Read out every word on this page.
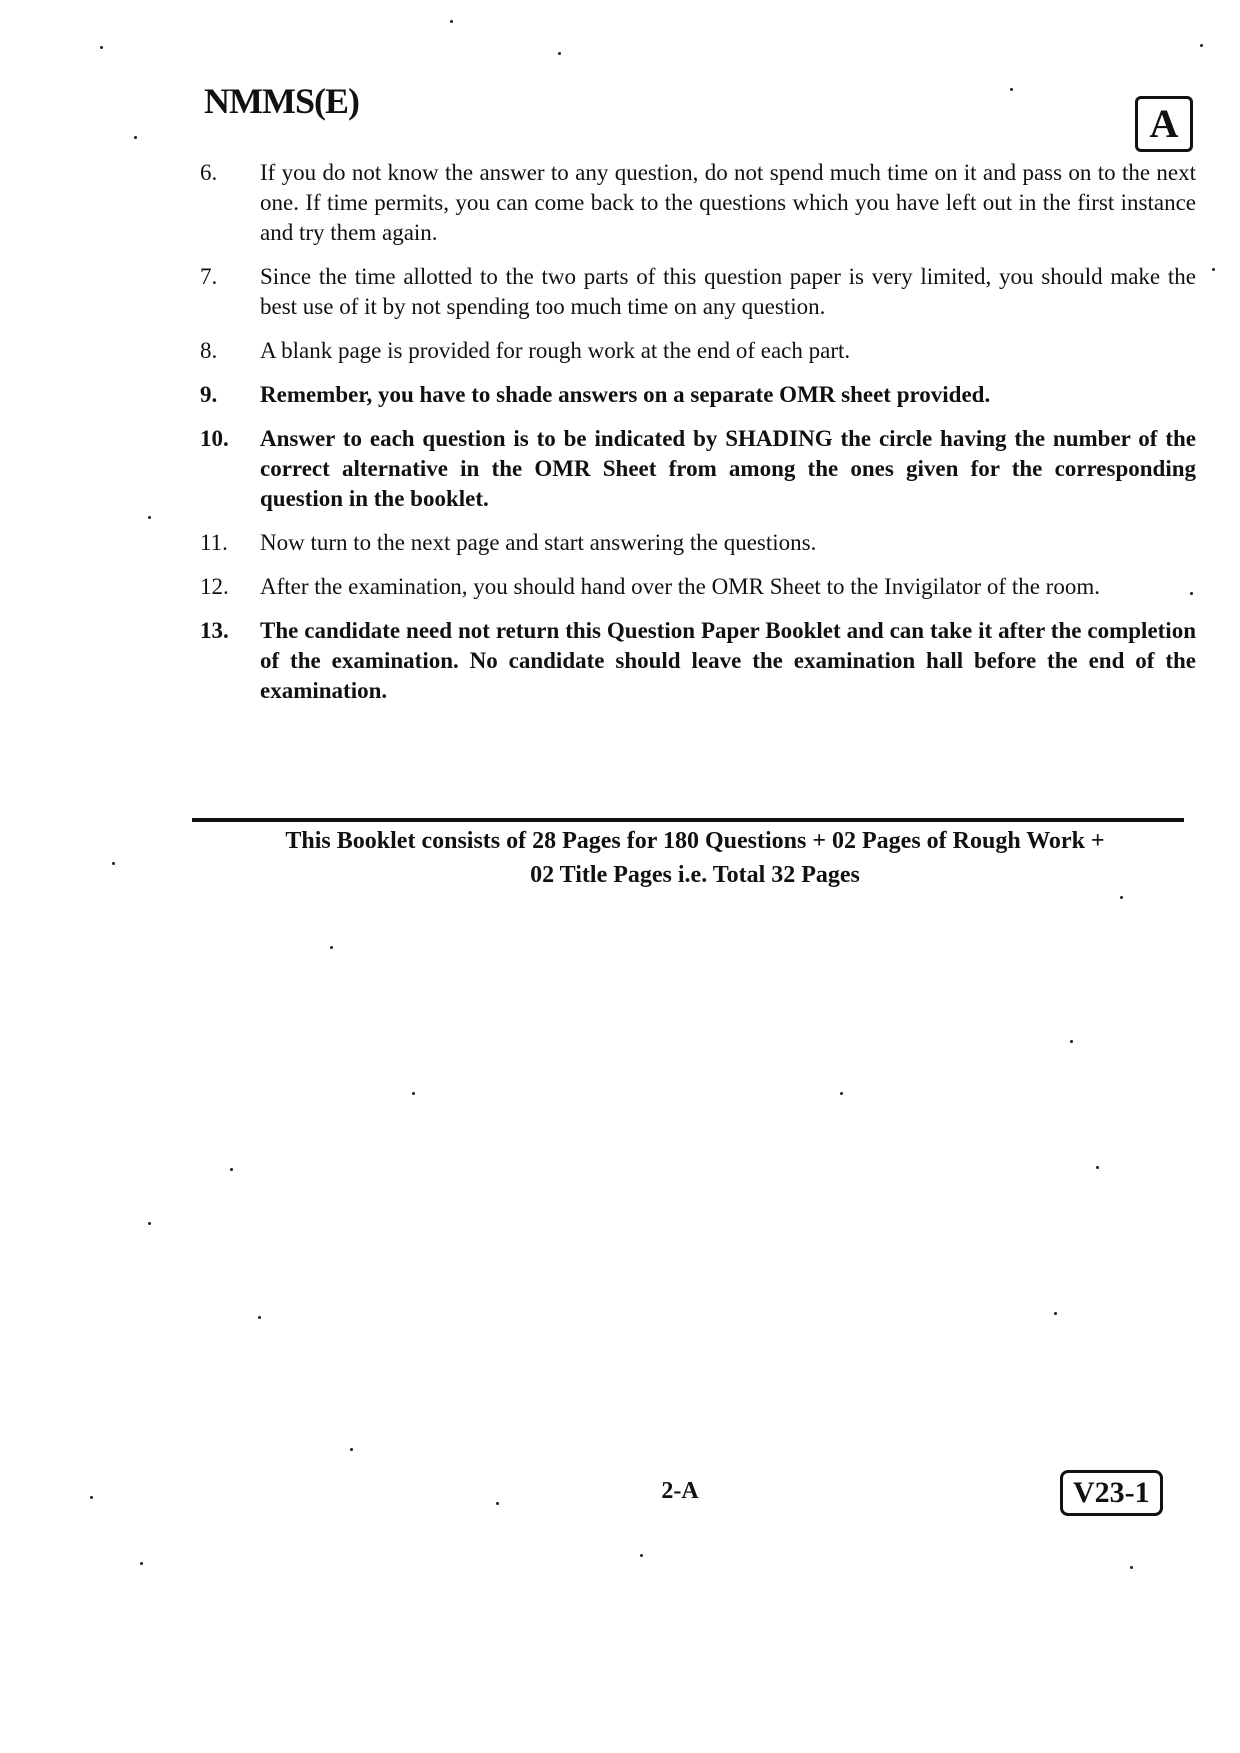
NMMS(E)	A
6.	If you do not know the answer to any question, do not spend much time on it and pass on to the next one. If time permits, you can come back to the questions which you have left out in the first instance and try them again.
7.	Since the time allotted to the two parts of this question paper is very limited, you should make the best use of it by not spending too much time on any question.
8.	A blank page is provided for rough work at the end of each part.
9.	Remember, you have to shade answers on a separate OMR sheet provided.
10.	Answer to each question is to be indicated by SHADING the circle having the number of the correct alternative in the OMR Sheet from among the ones given for the corresponding question in the booklet.
11.	Now turn to the next page and start answering the questions.
12.	After the examination, you should hand over the OMR Sheet to the Invigilator of the room.
13.	The candidate need not return this Question Paper Booklet and can take it after the completion of the examination. No candidate should leave the examination hall before the end of the examination.
This Booklet consists of 28 Pages for 180 Questions + 02 Pages of Rough Work +
02 Title Pages i.e. Total 32 Pages
2-A	V23-1
